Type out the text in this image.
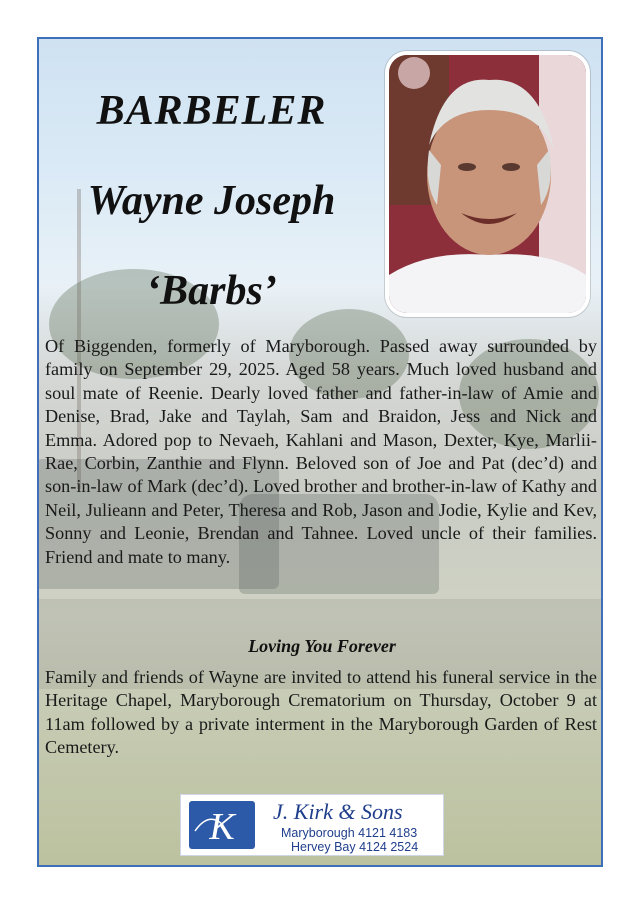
BARBELER
Wayne Joseph
‘Barbs’
Of Biggenden, formerly of Maryborough. Passed away surrounded by family on September 29, 2025. Aged 58 years. Much loved husband and soul mate of Reenie. Dearly loved father and father-in-law of Amie and Denise, Brad, Jake and Taylah, Sam and Braidon, Jess and Nick and Emma. Adored pop to Nevaeh, Kahlani and Mason, Dexter, Kye, Marlii-Rae, Corbin, Zanthie and Flynn. Beloved son of Joe and Pat (dec’d) and son-in-law of Mark (dec’d). Loved brother and brother-in-law of Kathy and Neil, Julieann and Peter, Theresa and Rob, Jason and Jodie, Kylie and Kev, Sonny and Leonie, Brendan and Tahnee. Loved uncle of their families. Friend and mate to many.
Loving You Forever
Family and friends of Wayne are invited to attend his funeral service in the Heritage Chapel, Maryborough Crematorium on Thursday, October 9 at 11am followed by a private interment in the Maryborough Garden of Rest Cemetery.
K J. Kirk & Sons
Maryborough 4121 4183
Hervey Bay 4124 2524
